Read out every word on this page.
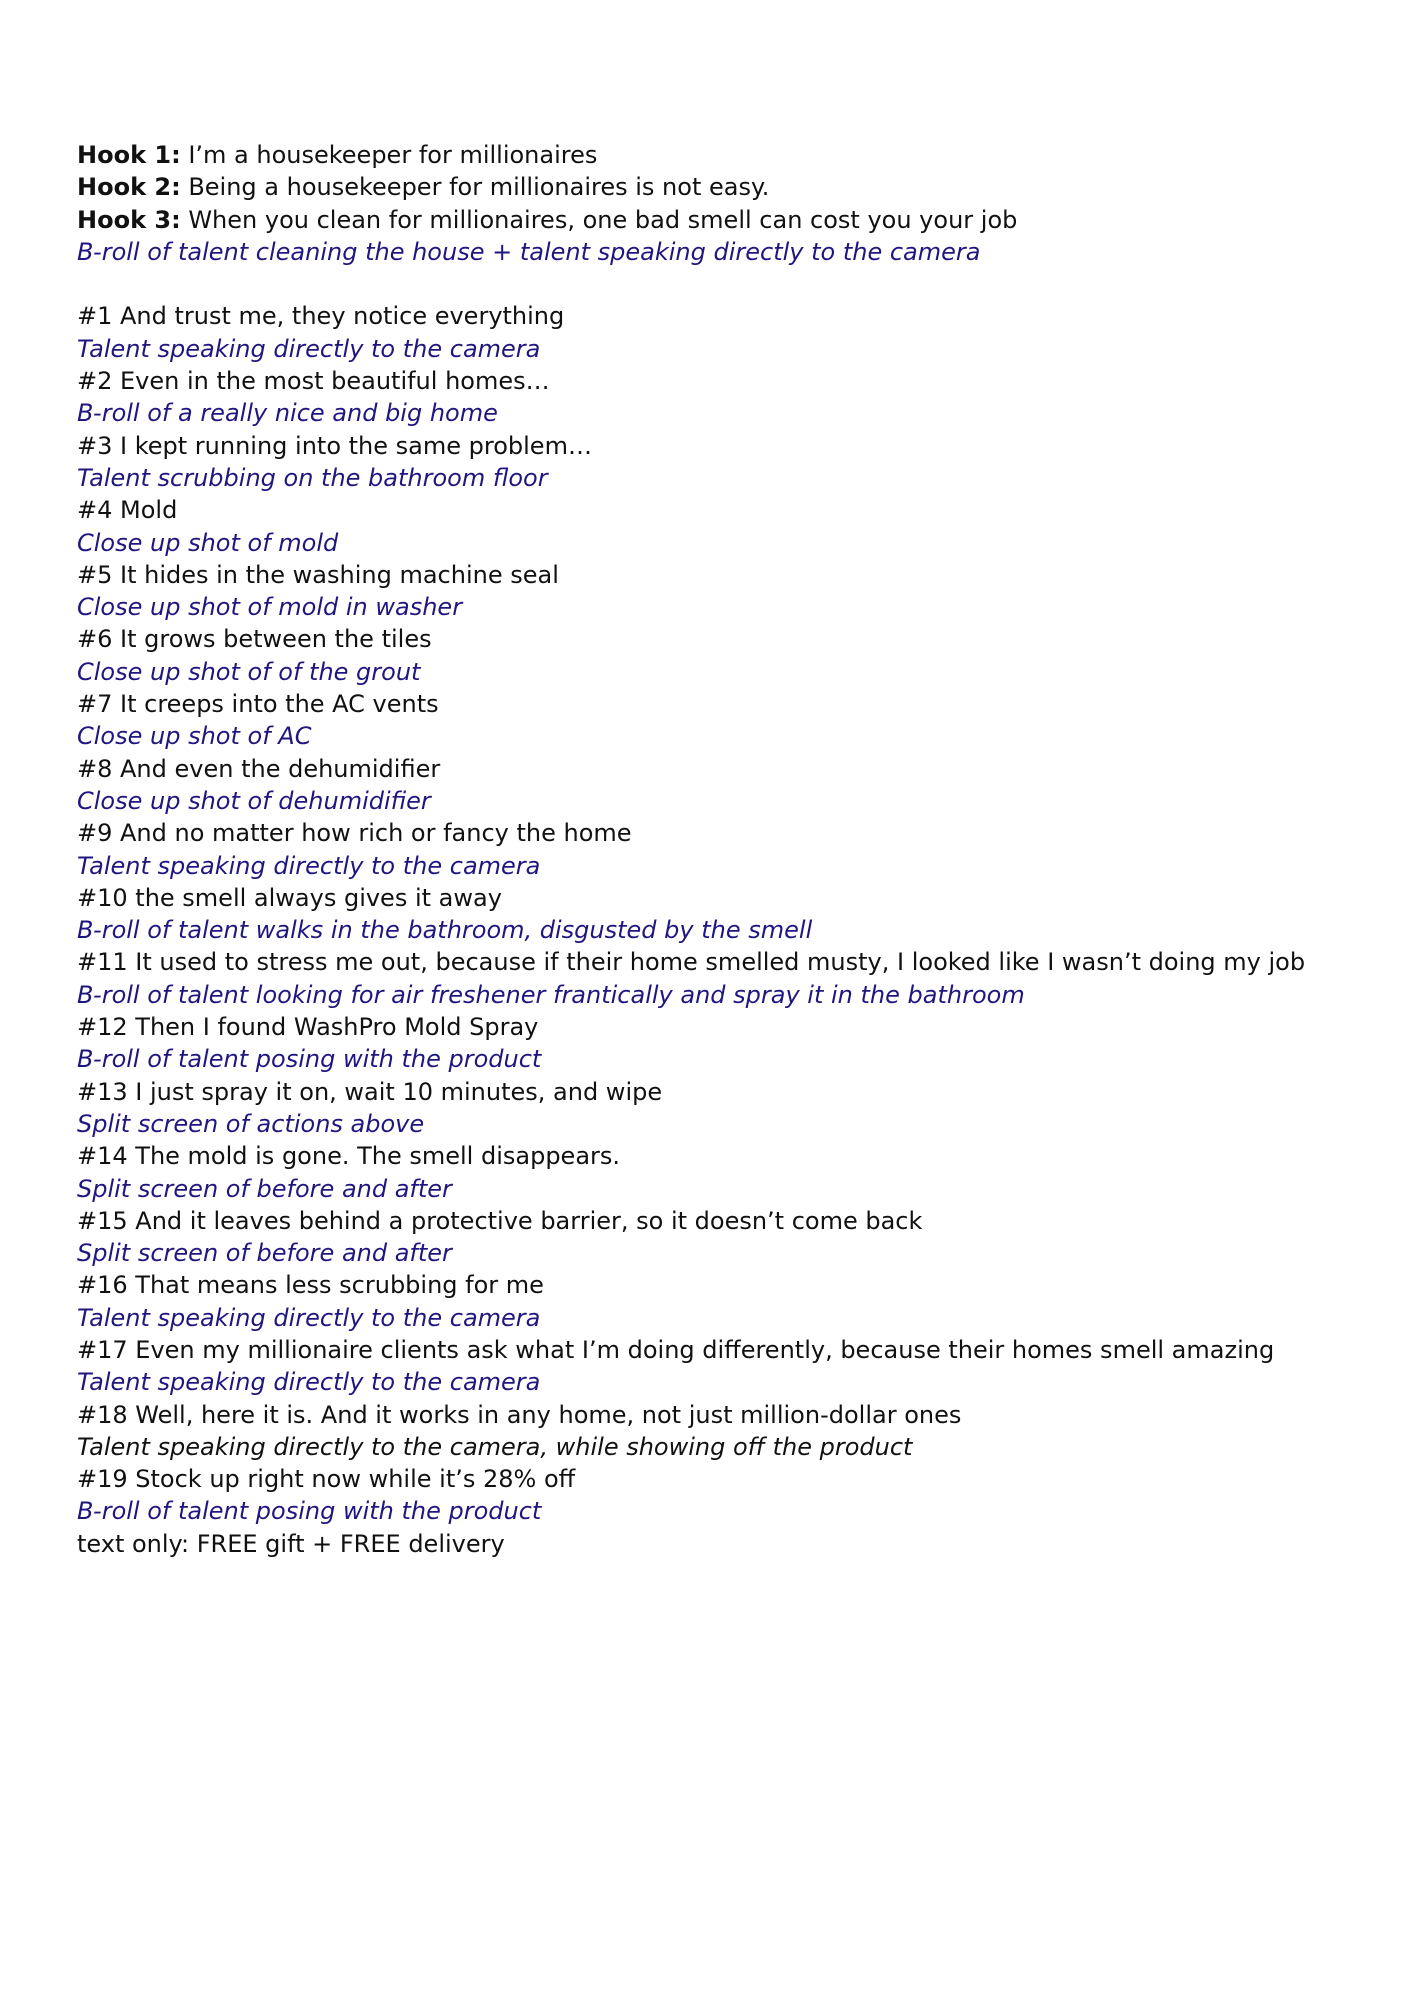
Hook 1: I’m a housekeeper for millionaires
Hook 2: Being a housekeeper for millionaires is not easy.
Hook 3: When you clean for millionaires, one bad smell can cost you your job
B-roll of talent cleaning the house + talent speaking directly to the camera
#1 And trust me, they notice everything
Talent speaking directly to the camera
#2 Even in the most beautiful homes…
B-roll of a really nice and big home
#3 I kept running into the same problem…
Talent scrubbing on the bathroom floor
#4 Mold
Close up shot of mold
#5 It hides in the washing machine seal
Close up shot of mold in washer
#6 It grows between the tiles
Close up shot of of the grout
#7 It creeps into the AC vents
Close up shot of AC
#8 And even the dehumidifier
Close up shot of dehumidifier
#9 And no matter how rich or fancy the home
Talent speaking directly to the camera
#10 the smell always gives it away
B-roll of talent walks in the bathroom, disgusted by the smell
#11 It used to stress me out, because if their home smelled musty, I looked like I wasn’t doing my job
B-roll of talent looking for air freshener frantically and spray it in the bathroom
#12 Then I found WashPro Mold Spray
B-roll of talent posing with the product
#13 I just spray it on, wait 10 minutes, and wipe
Split screen of actions above
#14 The mold is gone. The smell disappears.
Split screen of before and after
#15 And it leaves behind a protective barrier, so it doesn’t come back
Split screen of before and after
#16 That means less scrubbing for me
Talent speaking directly to the camera
#17 Even my millionaire clients ask what I’m doing differently, because their homes smell amazing
Talent speaking directly to the camera
#18 Well, here it is. And it works in any home, not just million-dollar ones
Talent speaking directly to the camera, while showing off the product
#19 Stock up right now while it’s 28% off
B-roll of talent posing with the product
text only: FREE gift + FREE delivery
